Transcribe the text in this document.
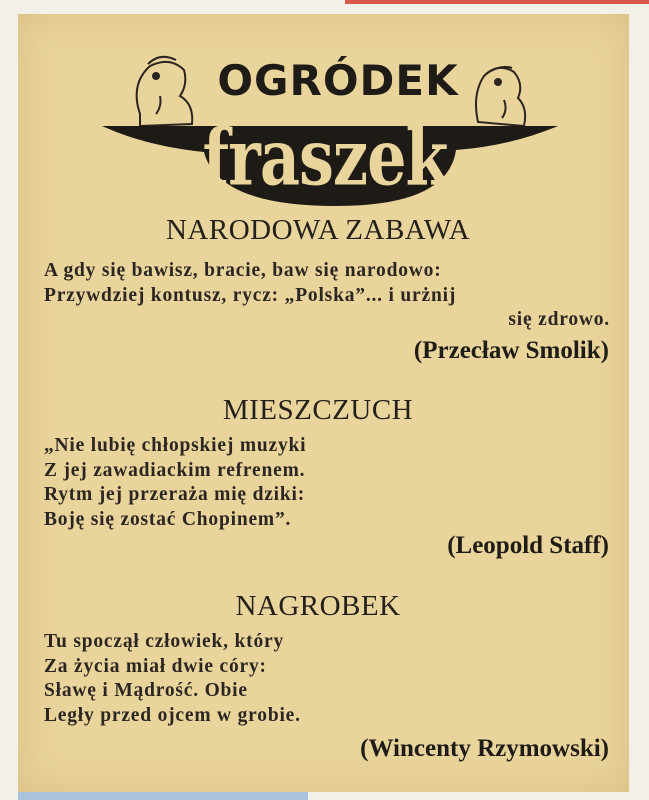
OGRÓDEK
fraszek
NARODOWA ZABAWA
A gdy się bawisz, bracie, baw się narodowo:
Przywdziej kontusz, rycz: „Polska”... i urżnij
się zdrowo.
(Przecław Smolik)
MIESZCZUCH
„Nie lubię chłopskiej muzyki
Z jej zawadiackim refrenem.
Rytm jej przeraża mię dziki:
Boję się zostać Chopinem”.
(Leopold Staff)
NAGROBEK
Tu spoczął człowiek, który
Za życia miał dwie córy:
Sławę i Mądrość. Obie
Legły przed ojcem w grobie.
(Wincenty Rzymowski)
